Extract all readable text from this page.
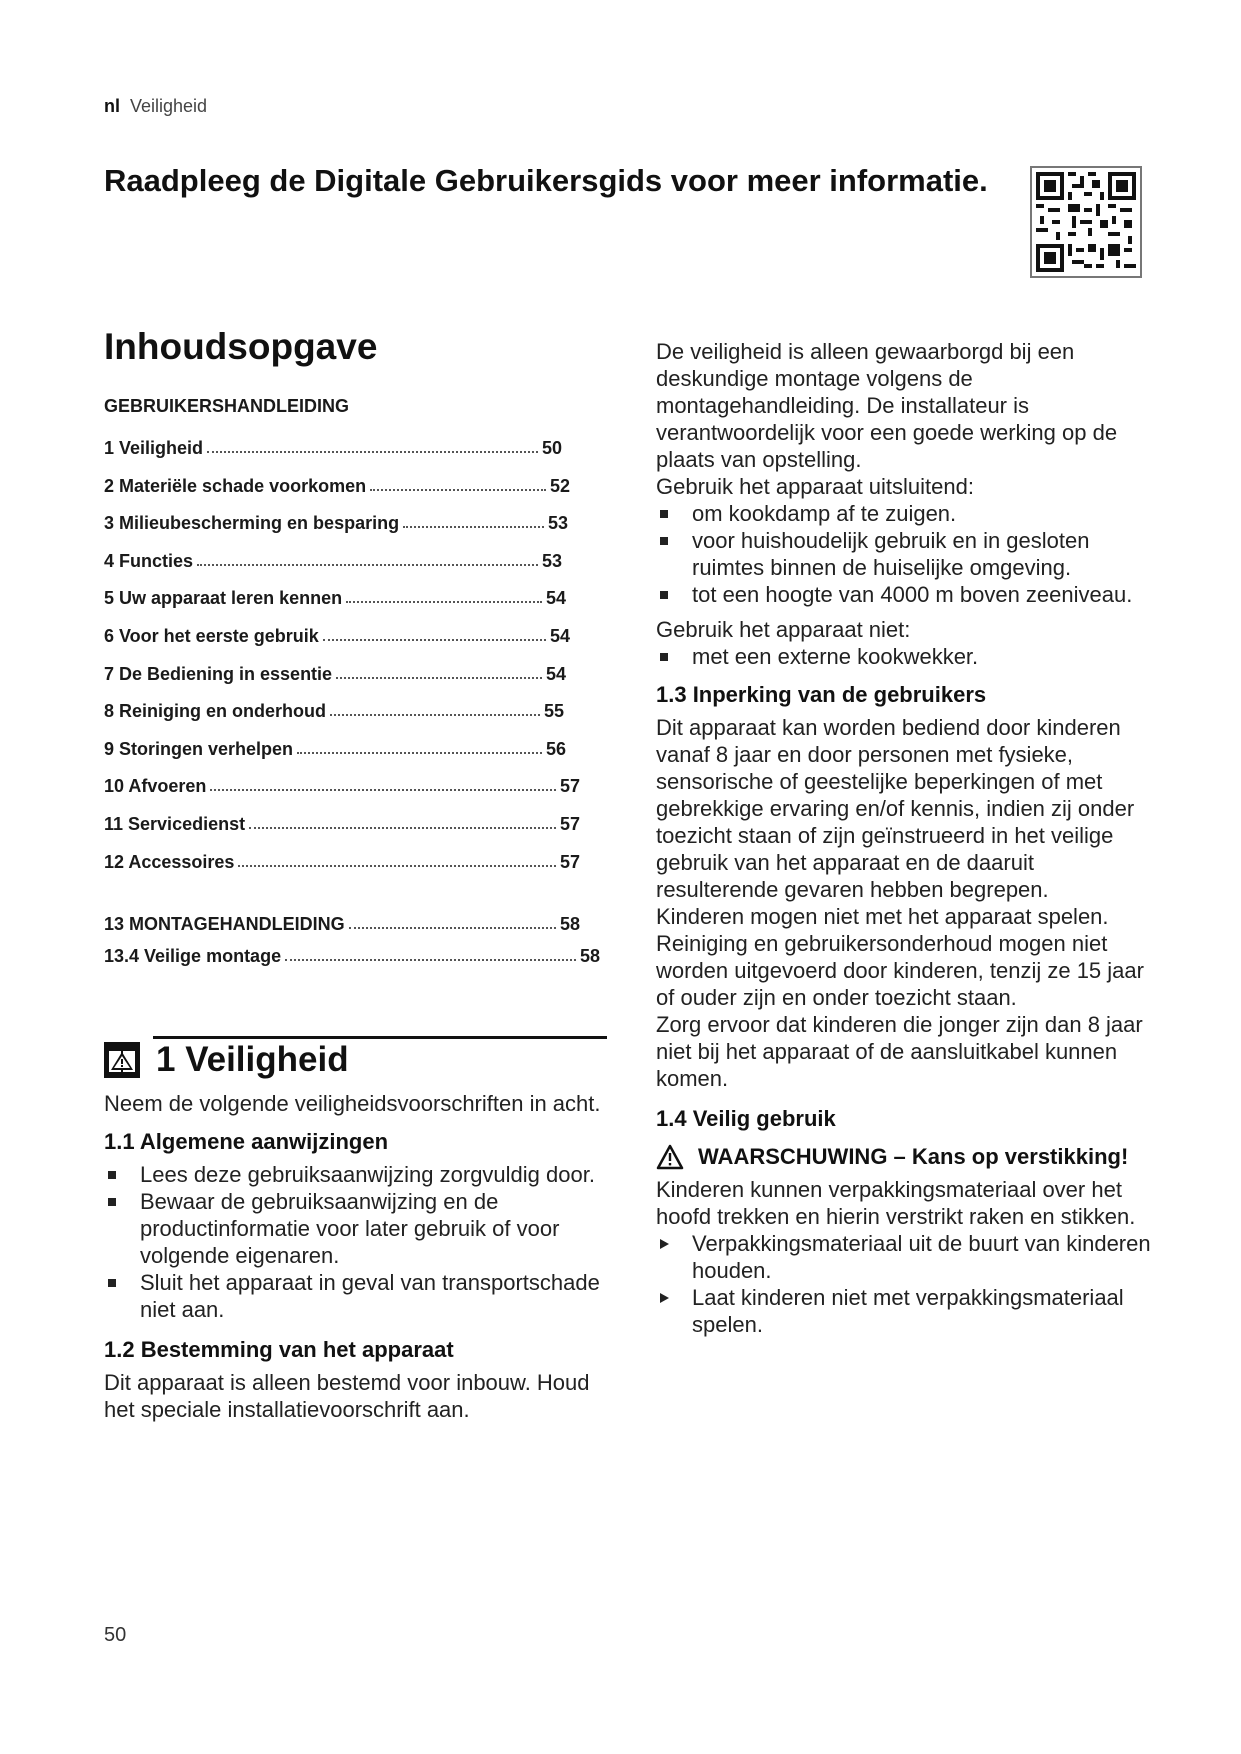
nl Veiligheid
Raadpleeg de Digitale Gebruikersgids voor meer informatie.
Inhoudsopgave
GEBRUIKERSHANDLEIDING
1 Veiligheid	50
2 Materiële schade voorkomen	52
3 Milieubescherming en besparing	53
4 Functies	53
5 Uw apparaat leren kennen	54
6 Voor het eerste gebruik	54
7 De Bediening in essentie	54
8 Reiniging en onderhoud	55
9 Storingen verhelpen	56
10 Afvoeren	57
11 Servicedienst	57
12 Accessoires	57
13 MONTAGEHANDLEIDING	58
13.4 Veilige montage	58
1 Veiligheid

Neem de volgende veiligheidsvoorschriften in acht.

1.1 Algemene aanwijzingen
Lees deze gebruiksaanwijzing zorgvuldig door.
Bewaar de gebruiksaanwijzing en de productinformatie voor later gebruik of voor volgende eigenaren.
Sluit het apparaat in geval van transportschade niet aan.
1.2 Bestemming van het apparaat

Dit apparaat is alleen bestemd voor inbouw. Houd het speciale installatievoorschrift aan.

De veiligheid is alleen gewaarborgd bij een deskundige montage volgens de montagehandleiding. De installateur is verantwoordelijk voor een goede werking op de plaats van opstelling.

Gebruik het apparaat uitsluitend:

om kookdamp af te zuigen.
voor huishoudelijk gebruik en in gesloten ruimtes binnen de huiselijke omgeving.
tot een hoogte van 4000 m boven zeeniveau.

Gebruik het apparaat niet:

met een externe kookwekker.
1.3 Inperking van de gebruikers

Dit apparaat kan worden bediend door kinderen vanaf 8 jaar en door personen met fysieke, sensorische of geestelijke beperkingen of met gebrekkige ervaring en/of kennis, indien zij onder toezicht staan of zijn geïnstrueerd in het veilige gebruik van het apparaat en de daaruit resulterende gevaren hebben begrepen.

Kinderen mogen niet met het apparaat spelen.

Reiniging en gebruikersonderhoud mogen niet worden uitgevoerd door kinderen, tenzij ze 15 jaar of ouder zijn en onder toezicht staan.

Zorg ervoor dat kinderen die jonger zijn dan 8 jaar niet bij het apparaat of de aansluitkabel kunnen komen.

1.4 Veilig gebruik
WAARSCHUWING – Kans op verstikking!

Kinderen kunnen verpakkingsmateriaal over het hoofd trekken en hierin verstrikt raken en stikken.

Verpakkingsmateriaal uit de buurt van kinderen houden.
Laat kinderen niet met verpakkingsmateriaal spelen.
50
